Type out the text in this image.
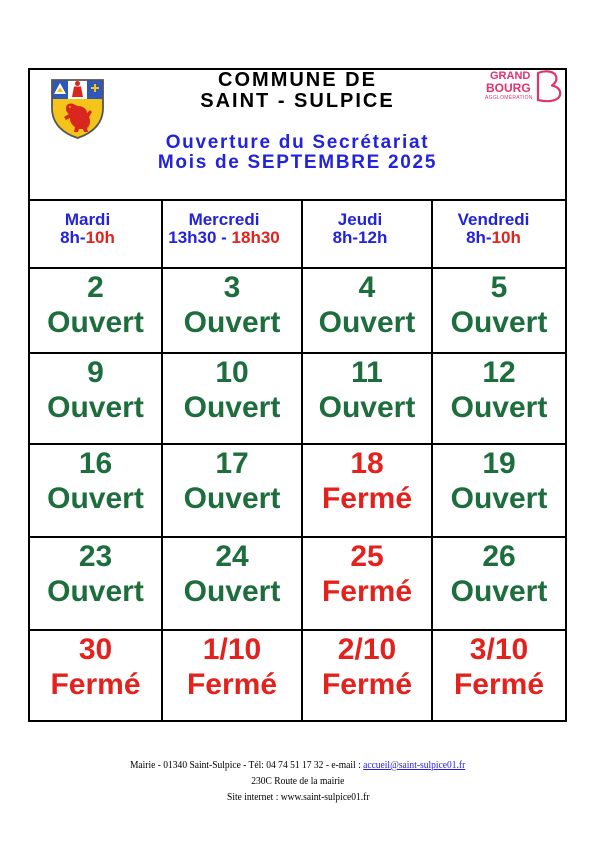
COMMUNE DE
SAINT - SULPICE
Ouverture du Secrétariat
Mois de SEPTEMBRE 2025
GRAND
BOURG
AGGLOMÉRATION
Mardi
8h-10h
Mercredi
13h30 - 18h30
Jeudi
8h-12h
Vendredi
8h-10h
2
Ouvert
3
Ouvert
4
Ouvert
5
Ouvert
9
Ouvert
10
Ouvert
11
Ouvert
12
Ouvert
16
Ouvert
17
Ouvert
18
Fermé
19
Ouvert
23
Ouvert
24
Ouvert
25
Fermé
26
Ouvert
30
Fermé
1/10
Fermé
2/10
Fermé
3/10
Fermé
Mairie - 01340 Saint-Sulpice - Tél: 04 74 51 17 32 - e-mail : accueil@saint-sulpice01.fr
230C Route de la mairie
Site internet : www.saint-sulpice01.fr
